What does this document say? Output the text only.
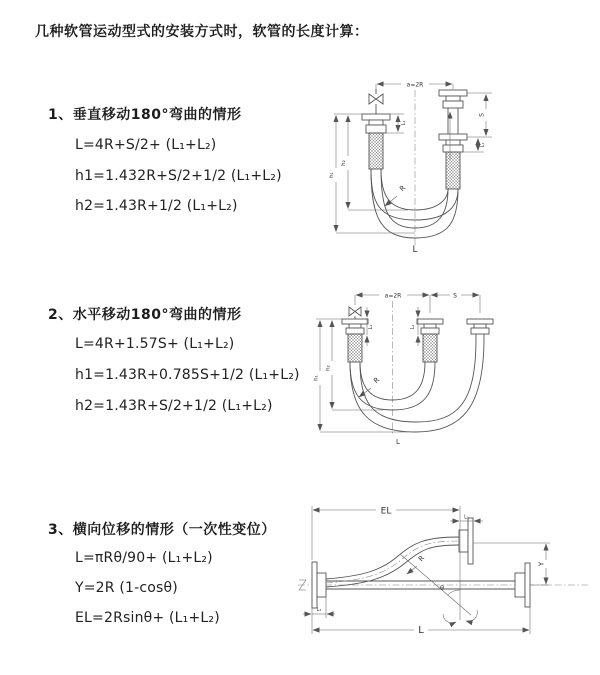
几种软管运动型式的安装方式时，软管的长度计算：
1、垂直移动180°弯曲的情形
L=4R+S/2+ (L₁+L₂)
h1=1.432R+S/2+1/2 (L₁+L₂)
h2=1.43R+1/2 (L₁+L₂)
a=2R
h₂
h₁
L₁
S
L₁
R
L
2、水平移动180°弯曲的情形
L=4R+1.57S+ (L₁+L₂)
h1=1.43R+0.785S+1/2 (L₁+L₂)
h2=1.43R+S/2+1/2 (L₁+L₂)
a=2R	S
h₂
h₁
L₁	L₂
R
L
3、横向位移的情形（一次性变位）
L=πRθ/90+ (L₁+L₂)
Y=2R (1-cosθ)
EL=2Rsinθ+ (L₁+L₂)
EL
L₁
Y
θ
R
L
L₁
